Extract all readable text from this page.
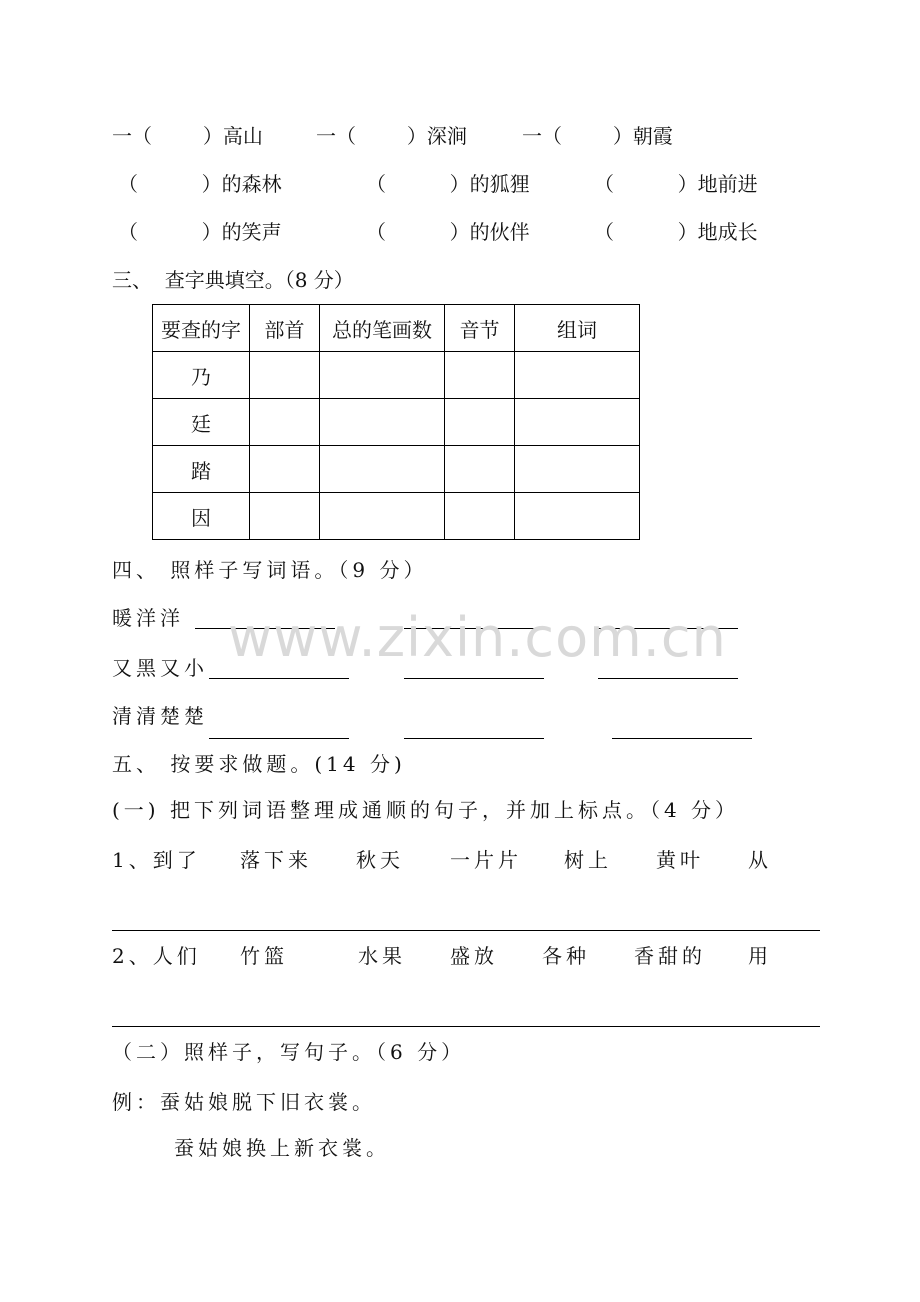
一（        ）高山	一（        ）深涧	一（        ）朝霞
（          ）的森林	（          ）的狐狸	（          ）地前进
（          ）的笑声	（          ）的伙伴	（          ）地成长
三、  查字典填空。（8 分）
要查的字	部首	总的笔画数	音节	组词
乃				
廷				
踏				
因				
四、 照样子写词语。（9 分）
暖洋洋
又黑又小
清清楚楚
www.zixin.com.cn
五、 按要求做题。(14 分)
(一) 把下列词语整理成通顺的句子，并加上标点。（4 分）
1、到了 落下来 秋天 一片片 树上 黄叶 从
2、人们 竹篮	水果 盛放 各种 香甜的 用
（二）照样子，写句子。（6 分）
例：蚕姑娘脱下旧衣裳。
蚕姑娘换上新衣裳。
